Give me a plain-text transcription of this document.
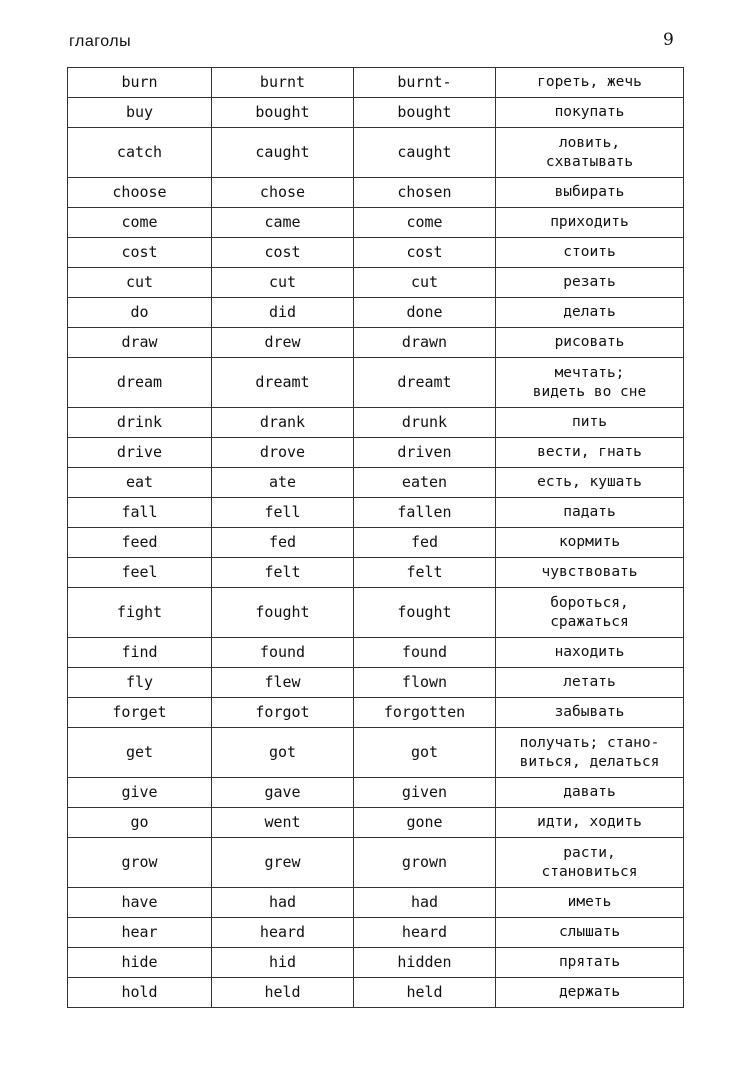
глаголы	9
burn	burnt	burnt-	гореть, жечь
buy	bought	bought	покупать
catch	caught	caught	ловить,
схватывать
choose	chose	chosen	выбирать
come	came	come	приходить
cost	cost	cost	стоить
cut	cut	cut	резать
do	did	done	делать
draw	drew	drawn	рисовать
dream	dreamt	dreamt	мечтать;
видеть во сне
drink	drank	drunk	пить
drive	drove	driven	вести, гнать
eat	ate	eaten	есть, кушать
fall	fell	fallen	падать
feed	fed	fed	кормить
feel	felt	felt	чувствовать
fight	fought	fought	бороться,
сражаться
find	found	found	находить
fly	flew	flown	летать
forget	forgot	forgotten	забывать
get	got	got	получать; стано-
виться, делаться
give	gave	given	давать
go	went	gone	идти, ходить
grow	grew	grown	расти,
становиться
have	had	had	иметь
hear	heard	heard	слышать
hide	hid	hidden	прятать
hold	held	held	держать
